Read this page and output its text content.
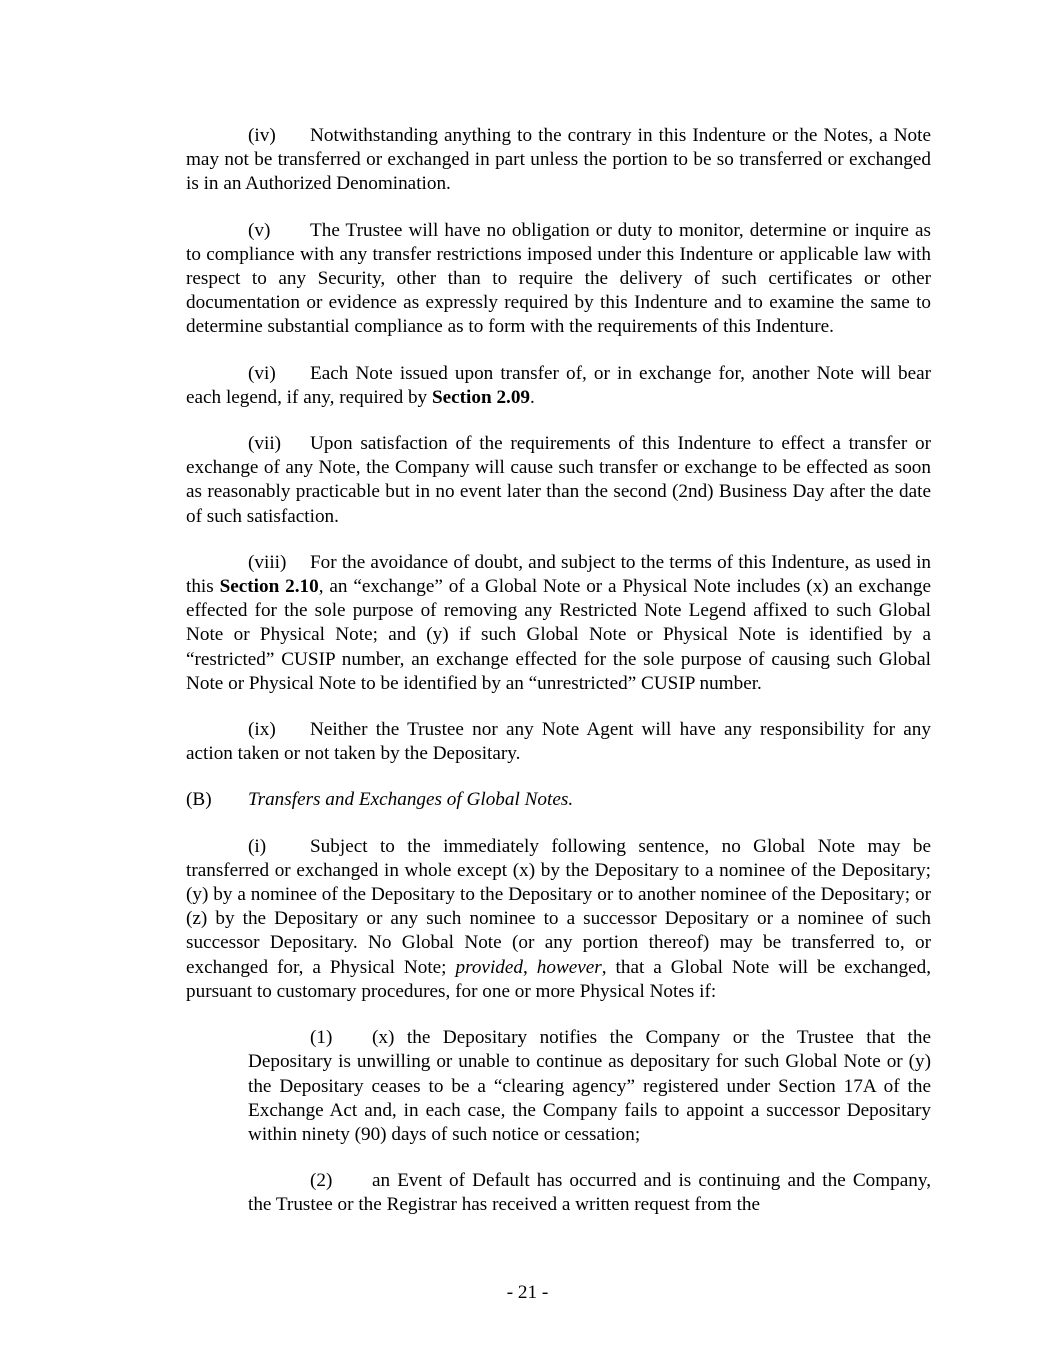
(iv) Notwithstanding anything to the contrary in this Indenture or the Notes, a Note may not be transferred or exchanged in part unless the portion to be so transferred or exchanged is in an Authorized Denomination.

(v) The Trustee will have no obligation or duty to monitor, determine or inquire as to compliance with any transfer restrictions imposed under this Indenture or applicable law with respect to any Security, other than to require the delivery of such certificates or other documentation or evidence as expressly required by this Indenture and to examine the same to determine substantial compliance as to form with the requirements of this Indenture.

(vi) Each Note issued upon transfer of, or in exchange for, another Note will bear each legend, if any, required by Section 2.09.

(vii) Upon satisfaction of the requirements of this Indenture to effect a transfer or exchange of any Note, the Company will cause such transfer or exchange to be effected as soon as reasonably practicable but in no event later than the second (2nd) Business Day after the date of such satisfaction.

(viii) For the avoidance of doubt, and subject to the terms of this Indenture, as used in this Section 2.10, an “exchange” of a Global Note or a Physical Note includes (x) an exchange effected for the sole purpose of removing any Restricted Note Legend affixed to such Global Note or Physical Note; and (y) if such Global Note or Physical Note is identified by a “restricted” CUSIP number, an exchange effected for the sole purpose of causing such Global Note or Physical Note to be identified by an “unrestricted” CUSIP number.

(ix) Neither the Trustee nor any Note Agent will have any responsibility for any action taken or not taken by the Depositary.

(B) Transfers and Exchanges of Global Notes.

(i) Subject to the immediately following sentence, no Global Note may be transferred or exchanged in whole except (x) by the Depositary to a nominee of the Depositary; (y) by a nominee of the Depositary to the Depositary or to another nominee of the Depositary; or (z) by the Depositary or any such nominee to a successor Depositary or a nominee of such successor Depositary. No Global Note (or any portion thereof) may be transferred to, or exchanged for, a Physical Note; provided, however, that a Global Note will be exchanged, pursuant to customary procedures, for one or more Physical Notes if:

(1) (x) the Depositary notifies the Company or the Trustee that the Depositary is unwilling or unable to continue as depositary for such Global Note or (y) the Depositary ceases to be a “clearing agency” registered under Section 17A of the Exchange Act and, in each case, the Company fails to appoint a successor Depositary within ninety (90) days of such notice or cessation;

(2) an Event of Default has occurred and is continuing and the Company, the Trustee or the Registrar has received a written request from the

- 21 -
